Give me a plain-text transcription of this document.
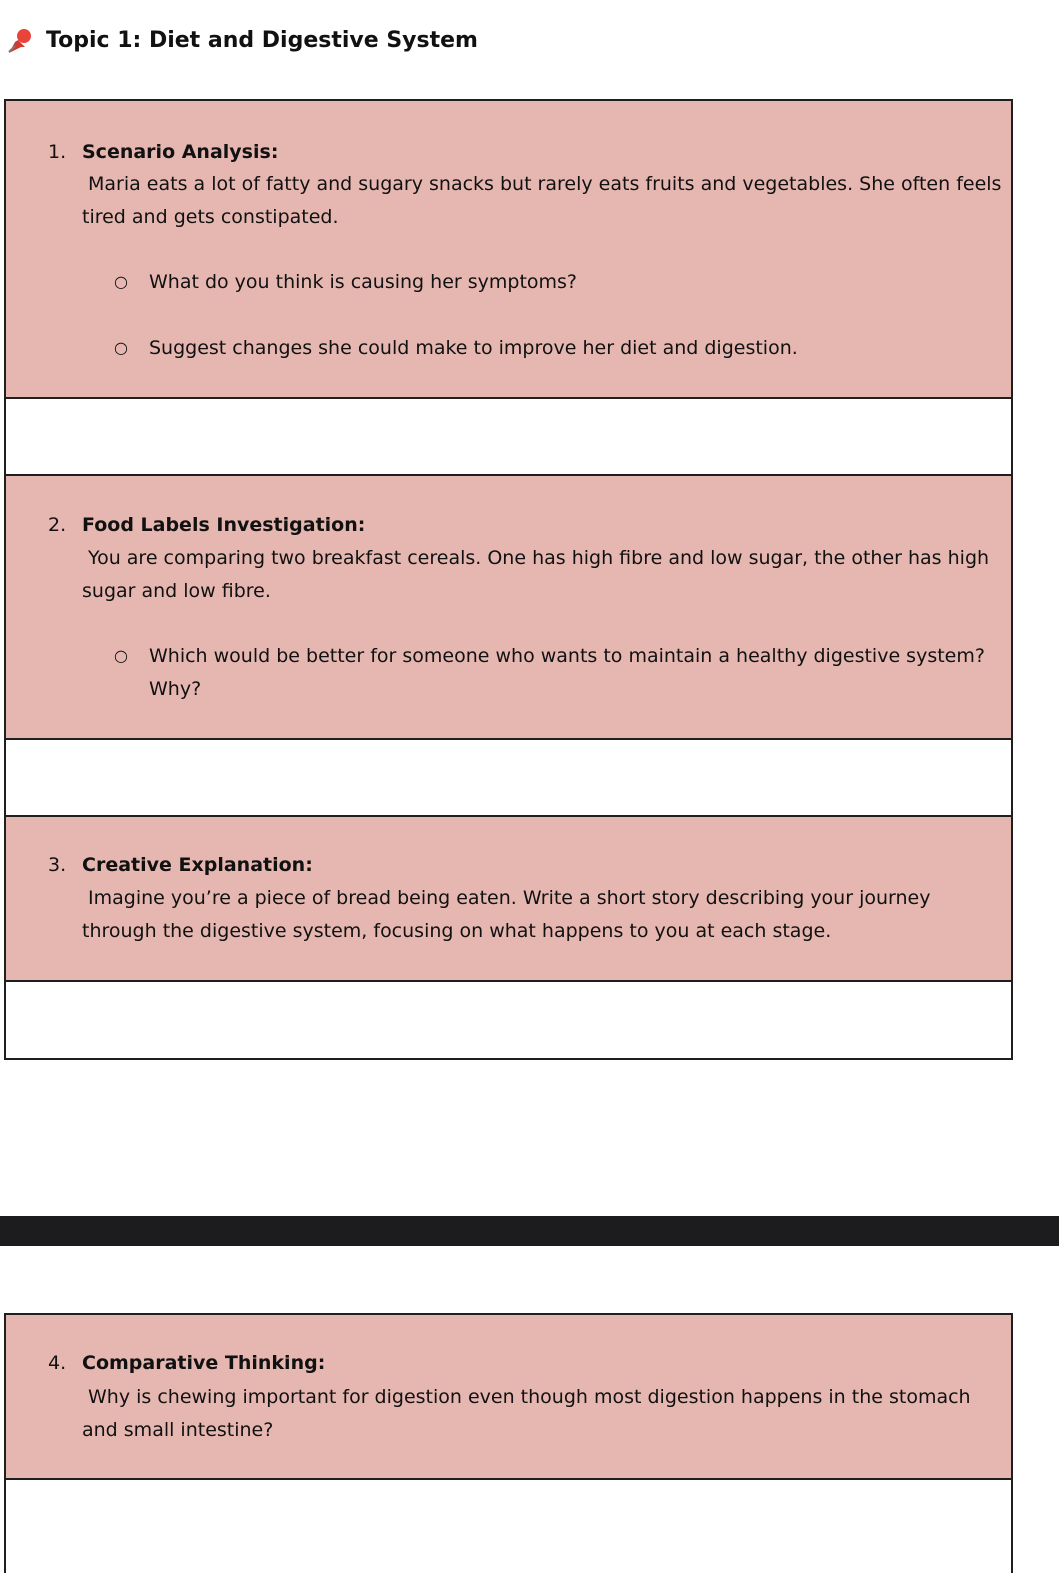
Topic 1: Diet and Digestive System
1. Scenario Analysis:
Maria eats a lot of fatty and sugary snacks but rarely eats fruits and vegetables. She often feels tired and gets constipated.
○ What do you think is causing her symptoms?
○ Suggest changes she could make to improve her diet and digestion.
2. Food Labels Investigation:
You are comparing two breakfast cereals. One has high fibre and low sugar, the other has high sugar and low fibre.
○ Which would be better for someone who wants to maintain a healthy digestive system? Why?
3. Creative Explanation:
Imagine you’re a piece of bread being eaten. Write a short story describing your journey through the digestive system, focusing on what happens to you at each stage.
4. Comparative Thinking:
Why is chewing important for digestion even though most digestion happens in the stomach and small intestine?
